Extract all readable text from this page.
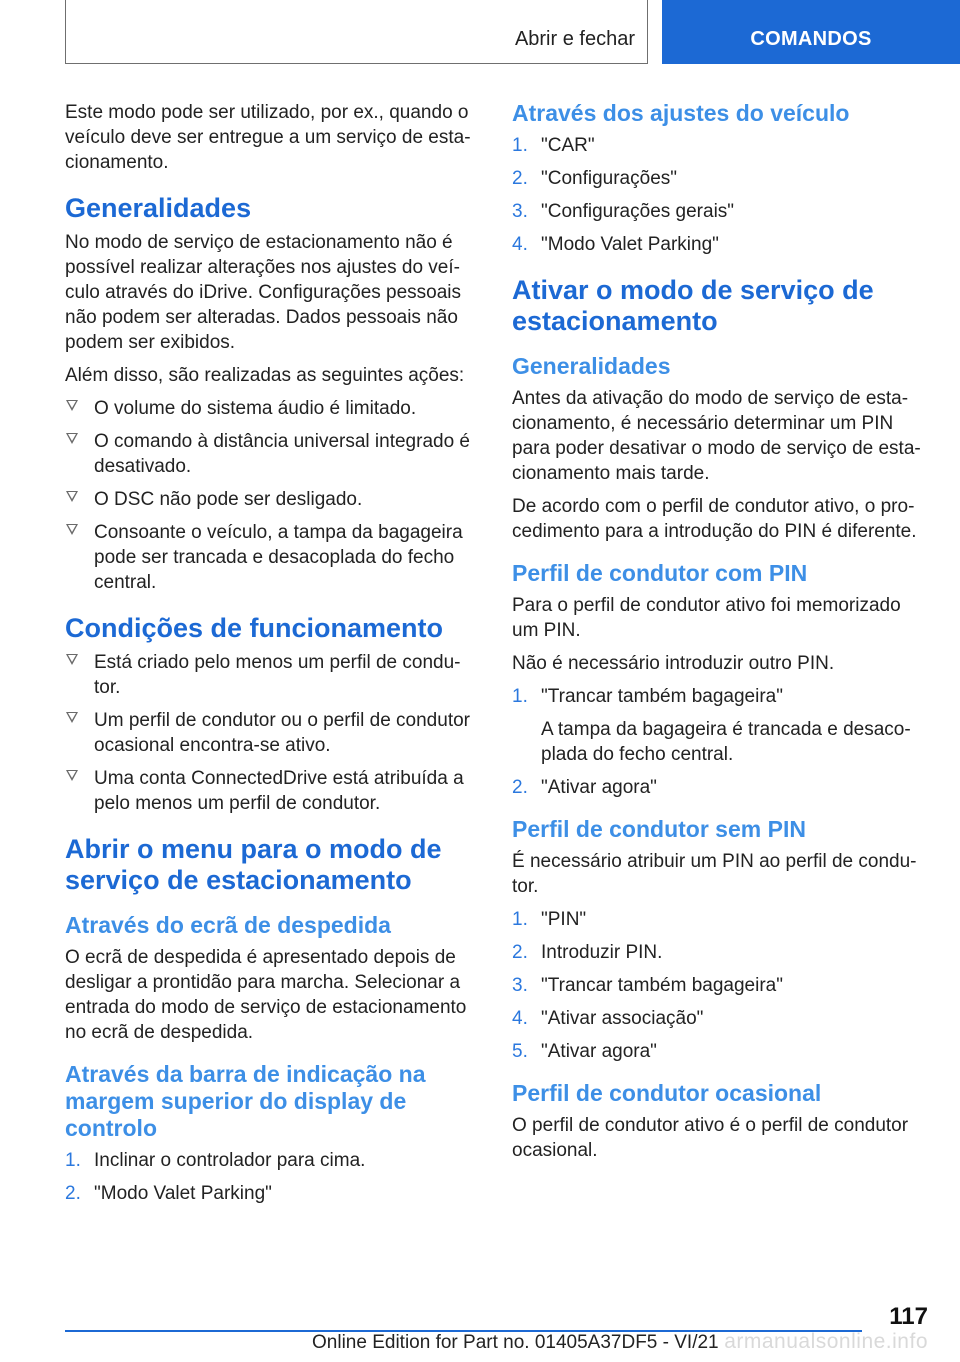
Abrir e fechar	COMANDOS

Este modo pode ser utilizado, por ex., quando o veículo deve ser entregue a um serviço de estacionamento.

Generalidades

No modo de serviço de estacionamento não é possível realizar alterações nos ajustes do veículo através do iDrive. Configurações pessoais não podem ser alteradas. Dados pessoais não podem ser exibidos.

Além disso, são realizadas as seguintes ações:

O volume do sistema áudio é limitado.
O comando à distância universal integrado é desativado.
O DSC não pode ser desligado.
Consoante o veículo, a tampa da bagageira pode ser trancada e desacoplada do fecho central.
Condições de funcionamento
Está criado pelo menos um perfil de condutor.
Um perfil de condutor ou o perfil de condutor ocasional encontra-se ativo.
Uma conta ConnectedDrive está atribuída a pelo menos um perfil de condutor.
Abrir o menu para o modo de serviço de estacionamento
Através do ecrã de despedida

O ecrã de despedida é apresentado depois de desligar a prontidão para marcha. Selecionar a entrada do modo de serviço de estacionamento no ecrã de despedida.

Através da barra de indicação na margem superior do display de controlo
1. Inclinar o controlador para cima.
2. "Modo Valet Parking"
Através dos ajustes do veículo
1. "CAR"
2. "Configurações"
3. "Configurações gerais"
4. "Modo Valet Parking"
Ativar o modo de serviço de estacionamento
Generalidades

Antes da ativação do modo de serviço de estacionamento, é necessário determinar um PIN para poder desativar o modo de serviço de estacionamento mais tarde.

De acordo com o perfil de condutor ativo, o procedimento para a introdução do PIN é diferente.

Perfil de condutor com PIN

Para o perfil de condutor ativo foi memorizado um PIN.

Não é necessário introduzir outro PIN.

1. "Trancar também bagageira"
A tampa da bagageira é trancada e desacoplada do fecho central.
2. "Ativar agora"
Perfil de condutor sem PIN

É necessário atribuir um PIN ao perfil de condutor.

1. "PIN"
2. Introduzir PIN.
3. "Trancar também bagageira"
4. "Ativar associação"
5. "Ativar agora"
Perfil de condutor ocasional

O perfil de condutor ativo é o perfil de condutor ocasional.

117
Online Edition for Part no. 01405A37DF5 - VI/21 armanualsonline.info
